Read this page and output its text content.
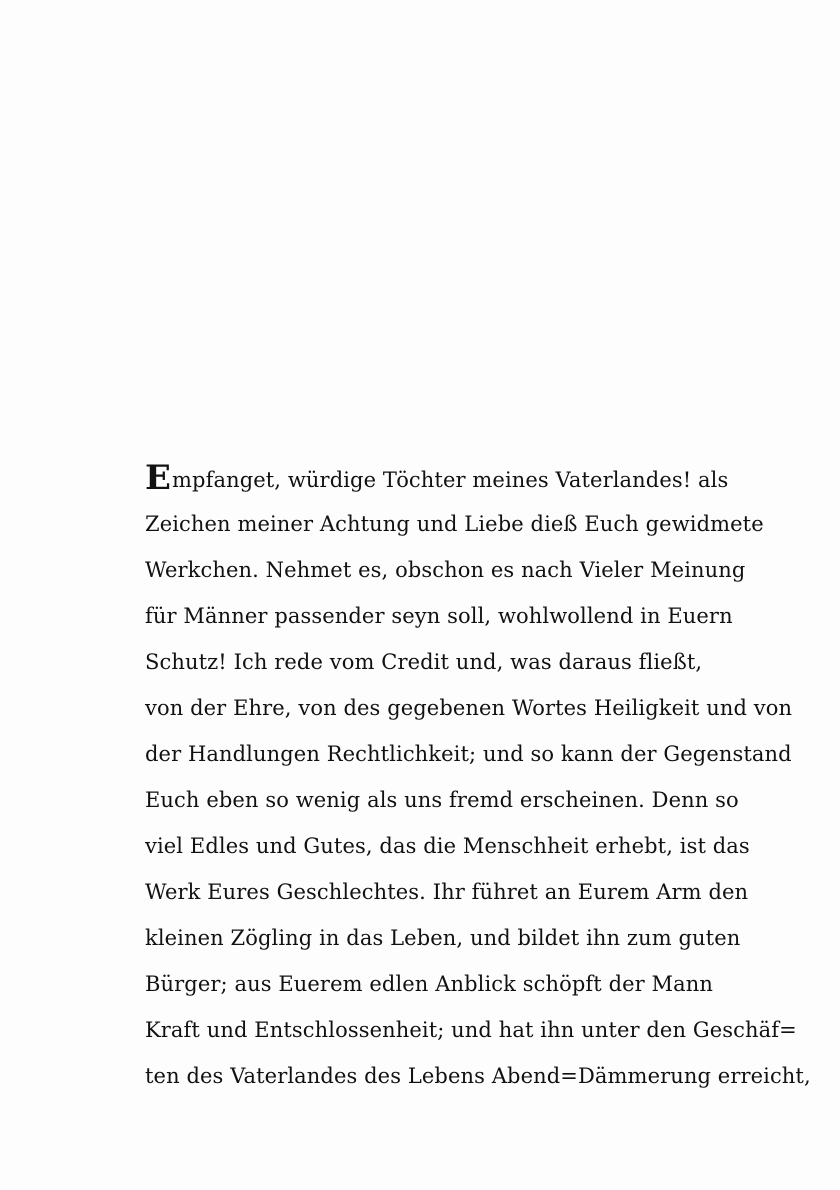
Empfanget, würdige Töchter meines Vaterlandes! als
Zeichen meiner Achtung und Liebe dieß Euch gewidmete
Werkchen. Nehmet es, obschon es nach Vieler Meinung
für Männer passender seyn soll, wohlwollend in Euern
Schutz! Ich rede vom Credit und, was daraus fließt,
von der Ehre, von des gegebenen Wortes Heiligkeit und von
der Handlungen Rechtlichkeit; und so kann der Gegenstand
Euch eben so wenig als uns fremd erscheinen. Denn so
viel Edles und Gutes, das die Menschheit erhebt, ist das
Werk Eures Geschlechtes. Ihr führet an Eurem Arm den
kleinen Zögling in das Leben, und bildet ihn zum guten
Bürger; aus Euerem edlen Anblick schöpft der Mann
Kraft und Entschlossenheit; und hat ihn unter den Geschäf=
ten des Vaterlandes des Lebens Abend=Dämmerung erreicht,
